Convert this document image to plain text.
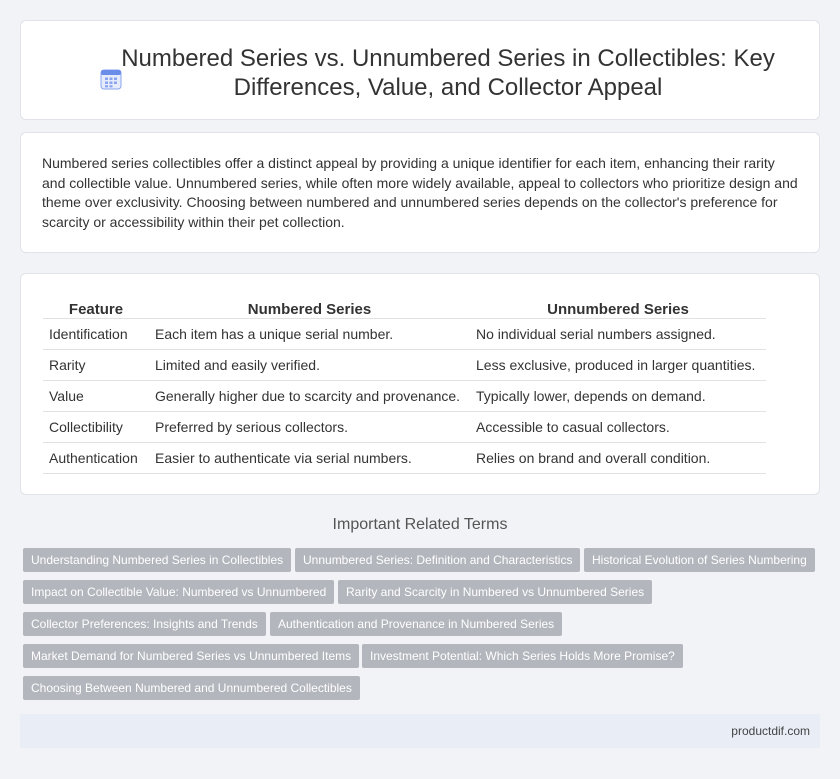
Numbered Series vs. Unnumbered Series in Collectibles: Key Differences, Value, and Collector Appeal

Numbered series collectibles offer a distinct appeal by providing a unique identifier for each item, enhancing their rarity and collectible value. Unnumbered series, while often more widely available, appeal to collectors who prioritize design and theme over exclusivity. Choosing between numbered and unnumbered series depends on the collector's preference for scarcity or accessibility within their pet collection.

Feature	Numbered Series	Unnumbered Series
Identification	Each item has a unique serial number.	No individual serial numbers assigned.
Rarity	Limited and easily verified.	Less exclusive, produced in larger quantities.
Value	Generally higher due to scarcity and provenance.	Typically lower, depends on demand.
Collectibility	Preferred by serious collectors.	Accessible to casual collectors.
Authentication	Easier to authenticate via serial numbers.	Relies on brand and overall condition.
Important Related Terms
Understanding Numbered Series in Collectibles	Unnumbered Series: Definition and Characteristics	Historical Evolution of Series Numbering
Impact on Collectible Value: Numbered vs Unnumbered	Rarity and Scarcity in Numbered vs Unnumbered Series
Collector Preferences: Insights and Trends	Authentication and Provenance in Numbered Series
Market Demand for Numbered Series vs Unnumbered Items	Investment Potential: Which Series Holds More Promise?
Choosing Between Numbered and Unnumbered Collectibles
productdif.com
